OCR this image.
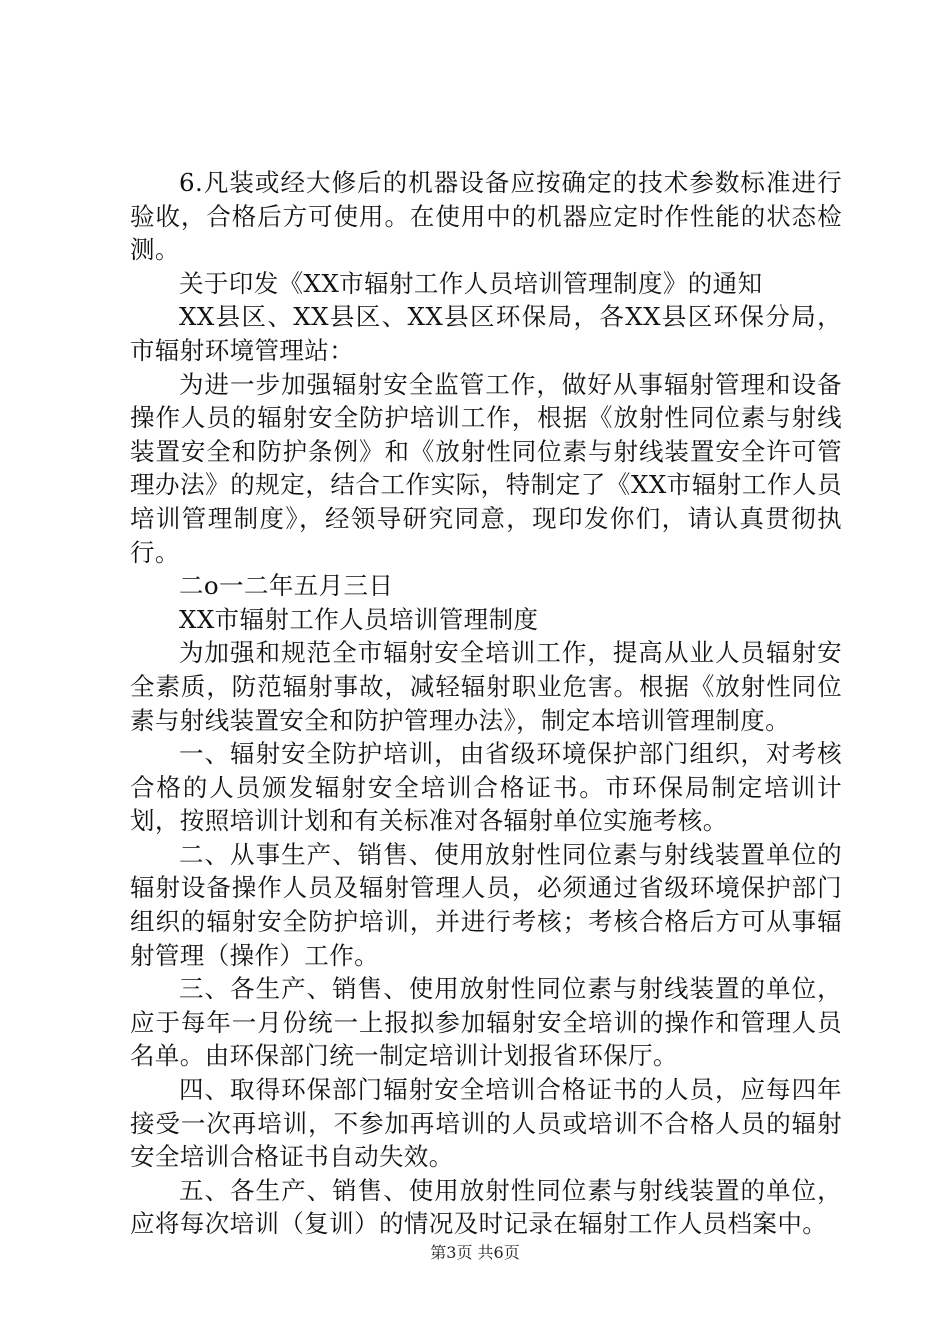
6.凡装或经大修后的机器设备应按确定的技术参数标准进行验收，合格后方可使用。在使用中的机器应定时作性能的状态检测。

关于印发《XX市辐射工作人员培训管理制度》的通知

XX县区、XX县区、XX县区环保局，各XX县区环保分局，市辐射环境管理站：

为进一步加强辐射安全监管工作，做好从事辐射管理和设备操作人员的辐射安全防护培训工作，根据《放射性同位素与射线装置安全和防护条例》和《放射性同位素与射线装置安全许可管理办法》的规定，结合工作实际，特制定了《XX市辐射工作人员培训管理制度》，经领导研究同意，现印发你们，请认真贯彻执行。

二o一二年五月三日

XX市辐射工作人员培训管理制度

为加强和规范全市辐射安全培训工作，提高从业人员辐射安全素质，防范辐射事故，减轻辐射职业危害。根据《放射性同位素与射线装置安全和防护管理办法》，制定本培训管理制度。

一、辐射安全防护培训，由省级环境保护部门组织，对考核合格的人员颁发辐射安全培训合格证书。市环保局制定培训计划，按照培训计划和有关标准对各辐射单位实施考核。

二、从事生产、销售、使用放射性同位素与射线装置单位的辐射设备操作人员及辐射管理人员，必须通过省级环境保护部门组织的辐射安全防护培训，并进行考核；考核合格后方可从事辐射管理（操作）工作。

三、各生产、销售、使用放射性同位素与射线装置的单位，应于每年一月份统一上报拟参加辐射安全培训的操作和管理人员名单。由环保部门统一制定培训计划报省环保厅。

四、取得环保部门辐射安全培训合格证书的人员，应每四年接受一次再培训，不参加再培训的人员或培训不合格人员的辐射安全培训合格证书自动失效。

五、各生产、销售、使用放射性同位素与射线装置的单位，应将每次培训（复训）的情况及时记录在辐射工作人员档案中。

第3页 共6页
